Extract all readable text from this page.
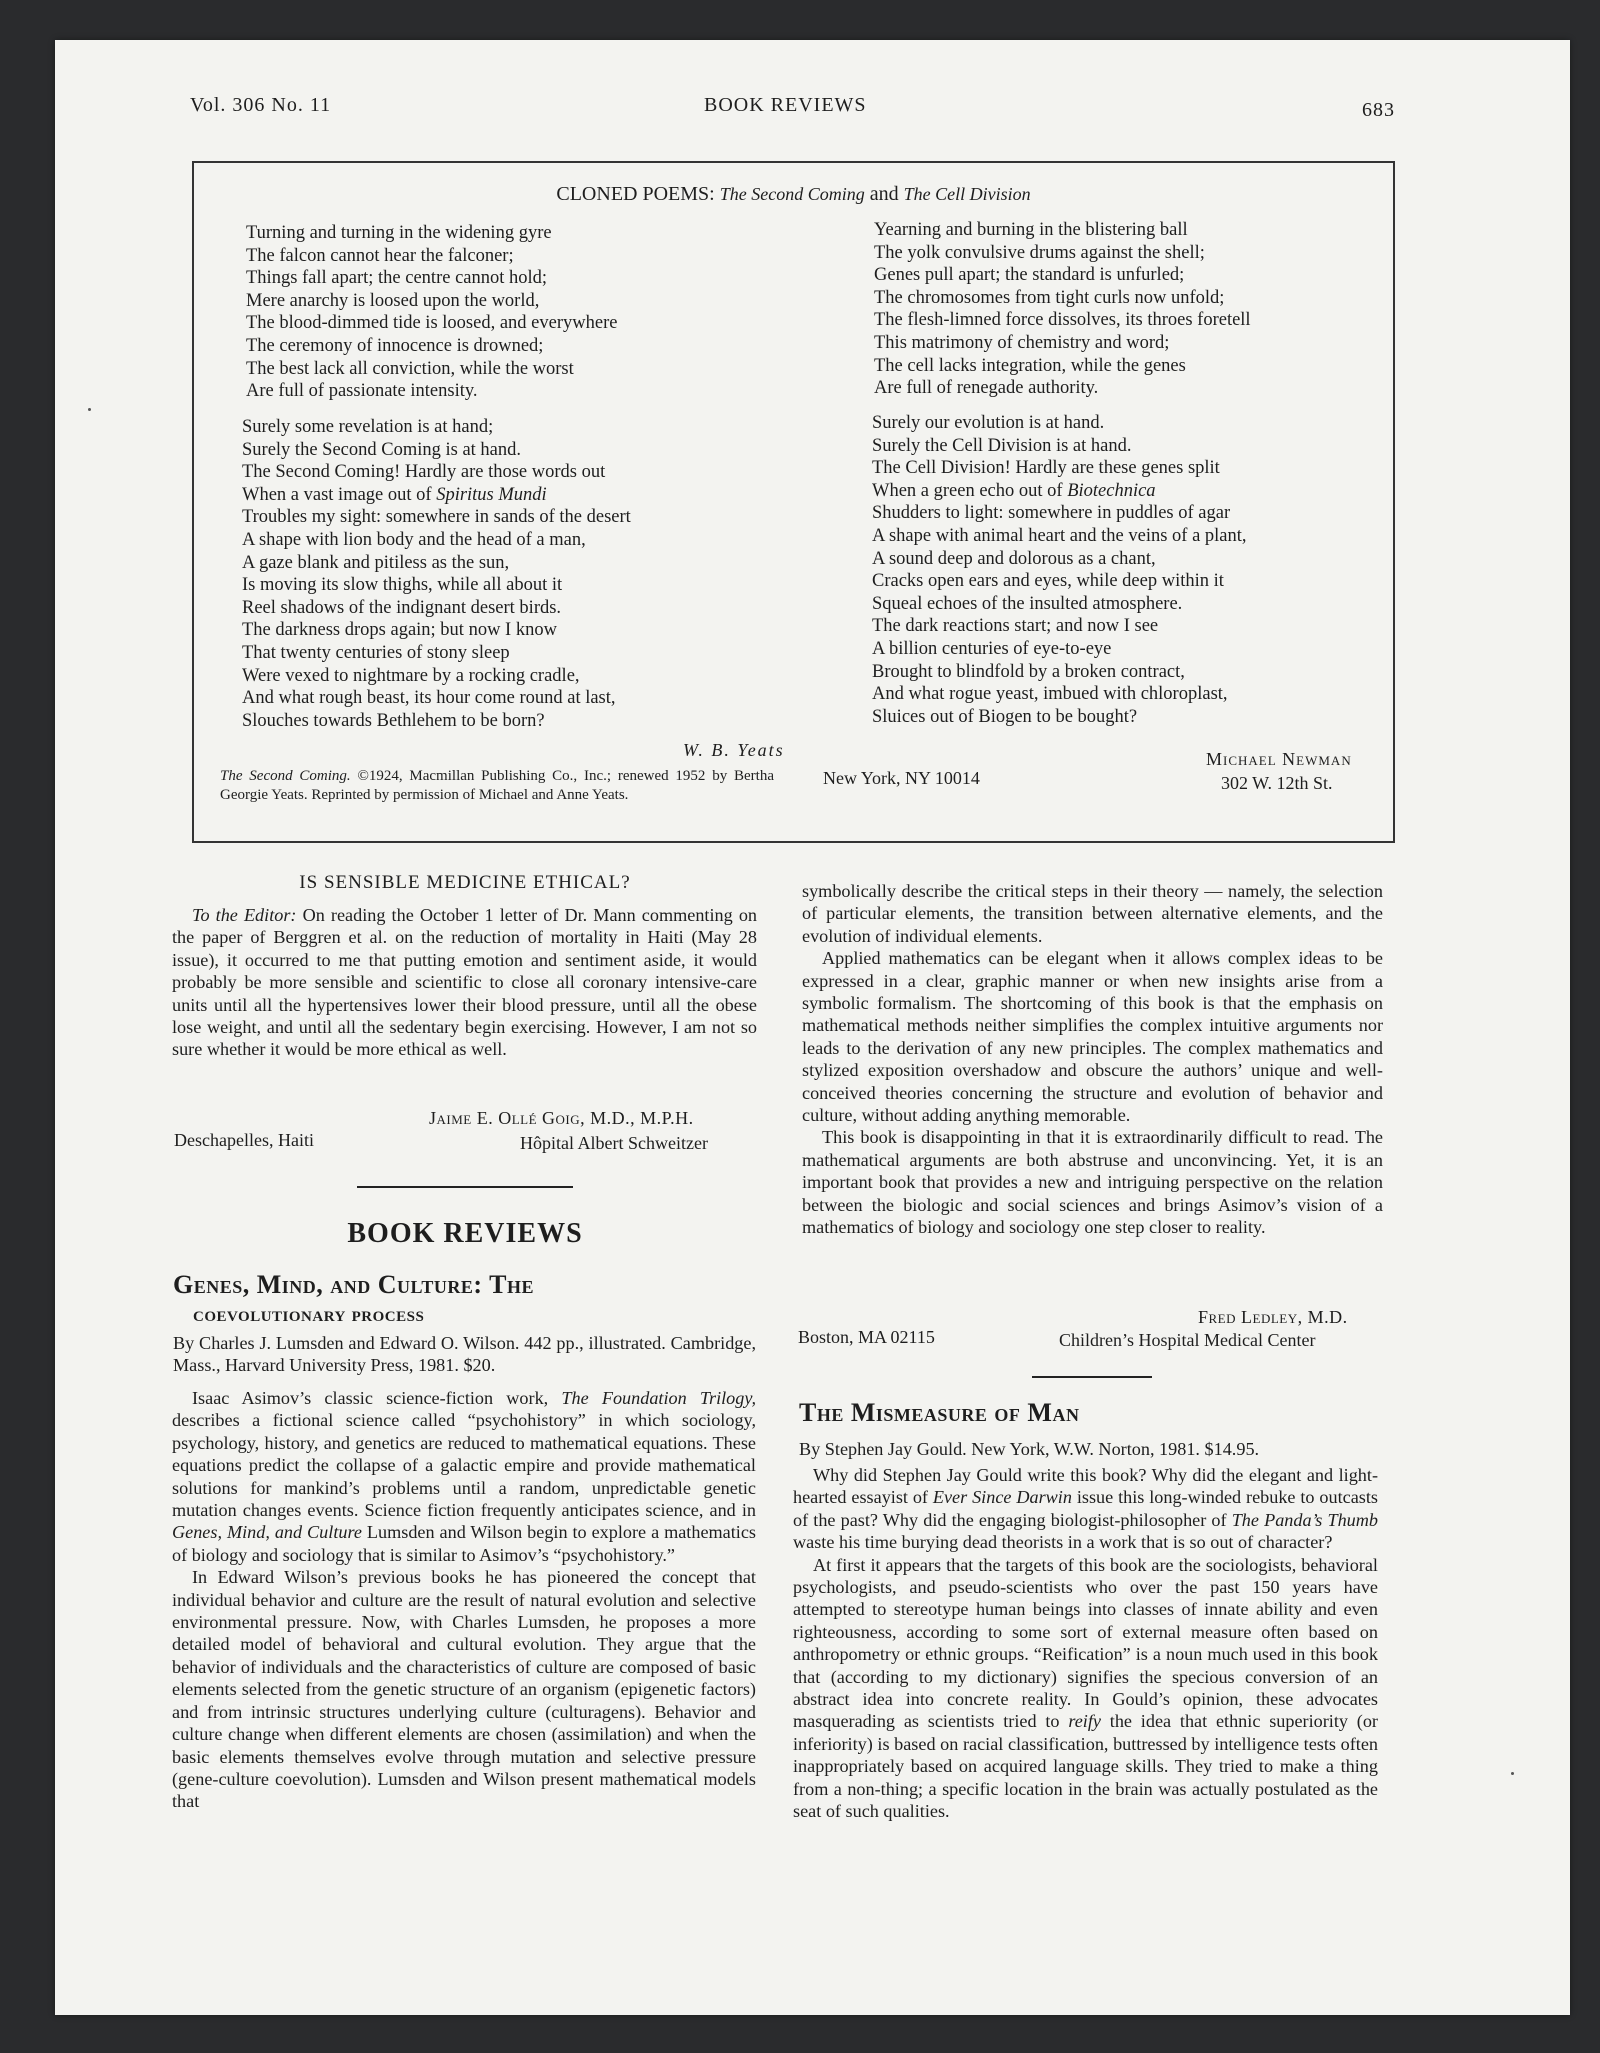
Vol. 306 No. 11	BOOK REVIEWS	683
CLONED POEMS: The Second Coming and The Cell Division
Turning and turning in the widening gyre
The falcon cannot hear the falconer;
Things fall apart; the centre cannot hold;
Mere anarchy is loosed upon the world,
The blood-dimmed tide is loosed, and everywhere
The ceremony of innocence is drowned;
The best lack all conviction, while the worst
Are full of passionate intensity.
Surely some revelation is at hand;
Surely the Second Coming is at hand.
The Second Coming! Hardly are those words out
When a vast image out of Spiritus Mundi
Troubles my sight: somewhere in sands of the desert
A shape with lion body and the head of a man,
A gaze blank and pitiless as the sun,
Is moving its slow thighs, while all about it
Reel shadows of the indignant desert birds.
The darkness drops again; but now I know
That twenty centuries of stony sleep
Were vexed to nightmare by a rocking cradle,
And what rough beast, its hour come round at last,
Slouches towards Bethlehem to be born?
W. B. Yeats
The Second Coming. ©1924, Macmillan Publishing Co., Inc.; renewed 1952 by Bertha Georgie Yeats. Reprinted by permission of Michael and Anne Yeats.
Yearning and burning in the blistering ball
The yolk convulsive drums against the shell;
Genes pull apart; the standard is unfurled;
The chromosomes from tight curls now unfold;
The flesh-limned force dissolves, its throes foretell
This matrimony of chemistry and word;
The cell lacks integration, while the genes
Are full of renegade authority.
Surely our evolution is at hand.
Surely the Cell Division is at hand.
The Cell Division! Hardly are these genes split
When a green echo out of Biotechnica
Shudders to light: somewhere in puddles of agar
A shape with animal heart and the veins of a plant,
A sound deep and dolorous as a chant,
Cracks open ears and eyes, while deep within it
Squeal echoes of the insulted atmosphere.
The dark reactions start; and now I see
A billion centuries of eye-to-eye
Brought to blindfold by a broken contract,
And what rogue yeast, imbued with chloroplast,
Sluices out of Biogen to be bought?
Michael Newman
302 W. 12th St.
New York, NY 10014
IS SENSIBLE MEDICINE ETHICAL?

To the Editor: On reading the October 1 letter of Dr. Mann commenting on the paper of Berggren et al. on the reduction of mortality in Haiti (May 28 issue), it occurred to me that putting emotion and sentiment aside, it would probably be more sensible and scientific to close all coronary intensive-care units until all the hypertensives lower their blood pressure, until all the obese lose weight, and until all the sedentary begin exercising. However, I am not so sure whether it would be more ethical as well.

Jaime E. Ollé Goig, M.D., M.P.H.
Deschapelles, Haiti	Hôpital Albert Schweitzer
BOOK REVIEWS
Genes, Mind, and Culture: The
coevolutionary process

By Charles J. Lumsden and Edward O. Wilson. 442 pp., illustrated. Cambridge, Mass., Harvard University Press, 1981. $20.

Isaac Asimov’s classic science-fiction work, The Foundation Trilogy, describes a fictional science called “psychohistory” in which sociology, psychology, history, and genetics are reduced to mathematical equations. These equations predict the collapse of a galactic empire and provide mathematical solutions for mankind’s problems until a random, unpredictable genetic mutation changes events. Science fiction frequently anticipates science, and in Genes, Mind, and Culture Lumsden and Wilson begin to explore a mathematics of biology and sociology that is similar to Asimov’s “psychohistory.”

In Edward Wilson’s previous books he has pioneered the concept that individual behavior and culture are the result of natural evolution and selective environmental pressure. Now, with Charles Lumsden, he proposes a more detailed model of behavioral and cultural evolution. They argue that the behavior of individuals and the characteristics of culture are composed of basic elements selected from the genetic structure of an organism (epigenetic factors) and from intrinsic structures underlying culture (culturagens). Behavior and culture change when different elements are chosen (assimilation) and when the basic elements themselves evolve through mutation and selective pressure (gene-culture coevolution). Lumsden and Wilson present mathematical models that

symbolically describe the critical steps in their theory — namely, the selection of particular elements, the transition between alternative elements, and the evolution of individual elements.

Applied mathematics can be elegant when it allows complex ideas to be expressed in a clear, graphic manner or when new insights arise from a symbolic formalism. The shortcoming of this book is that the emphasis on mathematical methods neither simplifies the complex intuitive arguments nor leads to the derivation of any new principles. The complex mathematics and stylized exposition overshadow and obscure the authors’ unique and well-conceived theories concerning the structure and evolution of behavior and culture, without adding anything memorable.

This book is disappointing in that it is extraordinarily difficult to read. The mathematical arguments are both abstruse and unconvincing. Yet, it is an important book that provides a new and intriguing perspective on the relation between the biologic and social sciences and brings Asimov’s vision of a mathematics of biology and sociology one step closer to reality.

Fred Ledley, M.D.
Boston, MA 02115	Children’s Hospital Medical Center
The Mismeasure of Man

By Stephen Jay Gould. New York, W.W. Norton, 1981. $14.95.

Why did Stephen Jay Gould write this book? Why did the elegant and light-hearted essayist of Ever Since Darwin issue this long-winded rebuke to outcasts of the past? Why did the engaging biologist-philosopher of The Panda’s Thumb waste his time burying dead theorists in a work that is so out of character?

At first it appears that the targets of this book are the sociologists, behavioral psychologists, and pseudo-scientists who over the past 150 years have attempted to stereotype human beings into classes of innate ability and even righteousness, according to some sort of external measure often based on anthropometry or ethnic groups. “Reification” is a noun much used in this book that (according to my dictionary) signifies the specious conversion of an abstract idea into concrete reality. In Gould’s opinion, these advocates masquerading as scientists tried to reify the idea that ethnic superiority (or inferiority) is based on racial classification, buttressed by intelligence tests often inappropriately based on acquired language skills. They tried to make a thing from a non-thing; a specific location in the brain was actually postulated as the seat of such qualities.
